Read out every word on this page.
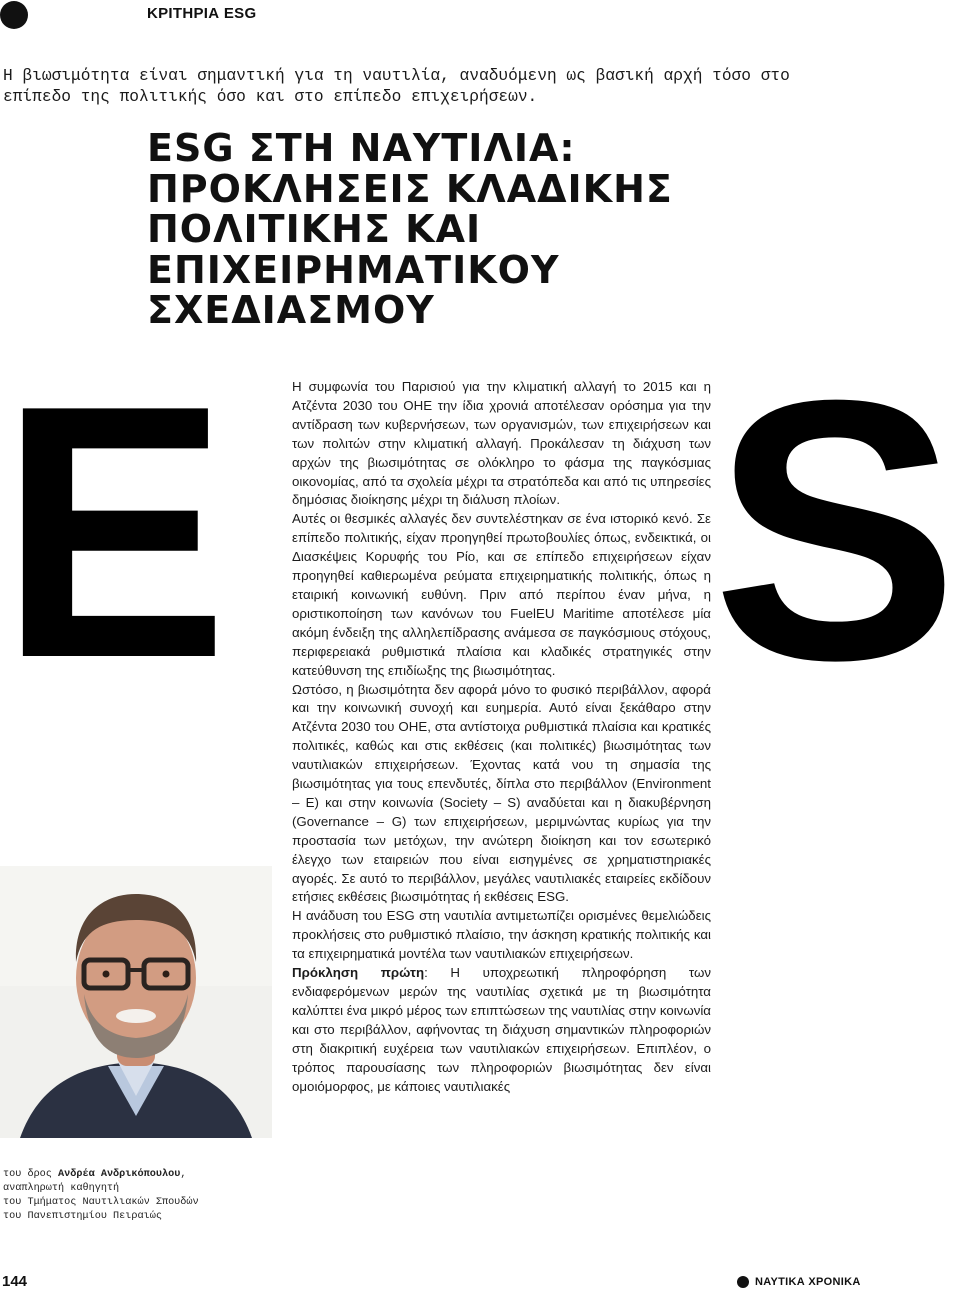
ΚΡΙΤΗΡΙΑ ESG
Η βιωσιμότητα είναι σημαντική για τη ναυτιλία, αναδυόμενη ως βασική αρχή τόσο στο
επίπεδο της πολιτικής όσο και στο επίπεδο επιχειρήσεων.
ESG ΣΤΗ ΝΑΥΤΙΛΙΑ:
ΠΡΟΚΛΗΣΕΙΣ ΚΛΑΔΙΚΗΣ
ΠΟΛΙΤΙΚΗΣ ΚΑΙ
ΕΠΙΧΕΙΡΗΜΑΤΙΚΟΥ
ΣΧΕΔΙΑΣΜΟΥ
E S

Η συμφωνία του Παρισιού για την κλιματική αλλαγή το 2015 και η Ατζέντα 2030 του ΟΗΕ την ίδια χρονιά αποτέλεσαν ορόσημα για την αντίδραση των κυβερνήσεων, των οργανισμών, των επιχειρήσεων και των πολιτών στην κλιματική αλλαγή. Προκάλεσαν τη διάχυση των αρχών της βιωσιμότητας σε ολόκληρο το φάσμα της παγκόσμιας οικονομίας, από τα σχολεία μέχρι τα στρατόπεδα και από τις υπηρεσίες δημόσιας διοίκησης μέχρι τη διάλυση πλοίων.

Αυτές οι θεσμικές αλλαγές δεν συντελέστηκαν σε ένα ιστορικό κενό. Σε επίπεδο πολιτικής, είχαν προηγηθεί πρωτοβουλίες όπως, ενδεικτικά, οι Διασκέψεις Κορυφής του Ρίο, και σε επίπεδο επιχειρήσεων είχαν προηγηθεί καθιερωμένα ρεύματα επιχειρηματικής πολιτικής, όπως η εταιρική κοινωνική ευθύνη. Πριν από περίπου έναν μήνα, η οριστικοποίηση των κανόνων του FuelEU Maritime αποτέλεσε μία ακόμη ένδειξη της αλληλεπίδρασης ανάμεσα σε παγκόσμιους στόχους, περιφερειακά ρυθμιστικά πλαίσια και κλαδικές στρατηγικές στην κατεύθυνση της επιδίωξης της βιωσιμότητας.

Ωστόσο, η βιωσιμότητα δεν αφορά μόνο το φυσικό περιβάλλον, αφορά και την κοινωνική συνοχή και ευημερία. Αυτό είναι ξεκάθαρο στην Ατζέντα 2030 του ΟΗΕ, στα αντίστοιχα ρυθμιστικά πλαίσια και κρατικές πολιτικές, καθώς και στις εκθέσεις (και πολιτικές) βιωσιμότητας των ναυτιλιακών επιχειρήσεων. Έχοντας κατά νου τη σημασία της βιωσιμότητας για τους επενδυτές, δίπλα στο περιβάλλον (Environment – E) και στην κοινωνία (Society – S) αναδύεται και η διακυβέρνηση (Governance – G) των επιχειρήσεων, μεριμνώντας κυρίως για την προστασία των μετόχων, την ανώτερη διοίκηση και τον εσωτερικό έλεγχο των εταιρειών που είναι εισηγμένες σε χρηματιστηριακές αγορές. Σε αυτό το περιβάλλον, μεγάλες ναυτιλιακές εταιρείες εκδίδουν ετήσιες εκθέσεις βιωσιμότητας ή εκθέσεις ESG.

Η ανάδυση του ESG στη ναυτιλία αντιμετωπίζει ορισμένες θεμελιώδεις προκλήσεις στο ρυθμιστικό πλαίσιο, την άσκηση κρατικής πολιτικής και τα επιχειρηματικά μοντέλα των ναυτιλιακών επιχειρήσεων.

Πρόκληση πρώτη: Η υποχρεωτική πληροφόρηση των ενδιαφερόμενων μερών της ναυτιλίας σχετικά με τη βιωσιμότητα καλύπτει ένα μικρό μέρος των επιπτώσεων της ναυτιλίας στην κοινωνία και στο περιβάλλον, αφήνοντας τη διάχυση σημαντικών πληροφοριών στη διακριτική ευχέρεια των ναυτιλιακών επιχειρήσεων. Επιπλέον, ο τρόπος παρουσίασης των πληροφοριών βιωσιμότητας δεν είναι ομοιόμορφος, με κάποιες ναυτιλιακές

του δρος Ανδρέα Ανδρικόπουλου,
αναπληρωτή καθηγητή
του Τμήματος Ναυτιλιακών Σπουδών
του Πανεπιστημίου Πειραιώς
144	ΝΑΥΤΙΚΑ ΧΡΟΝΙΚΑ
